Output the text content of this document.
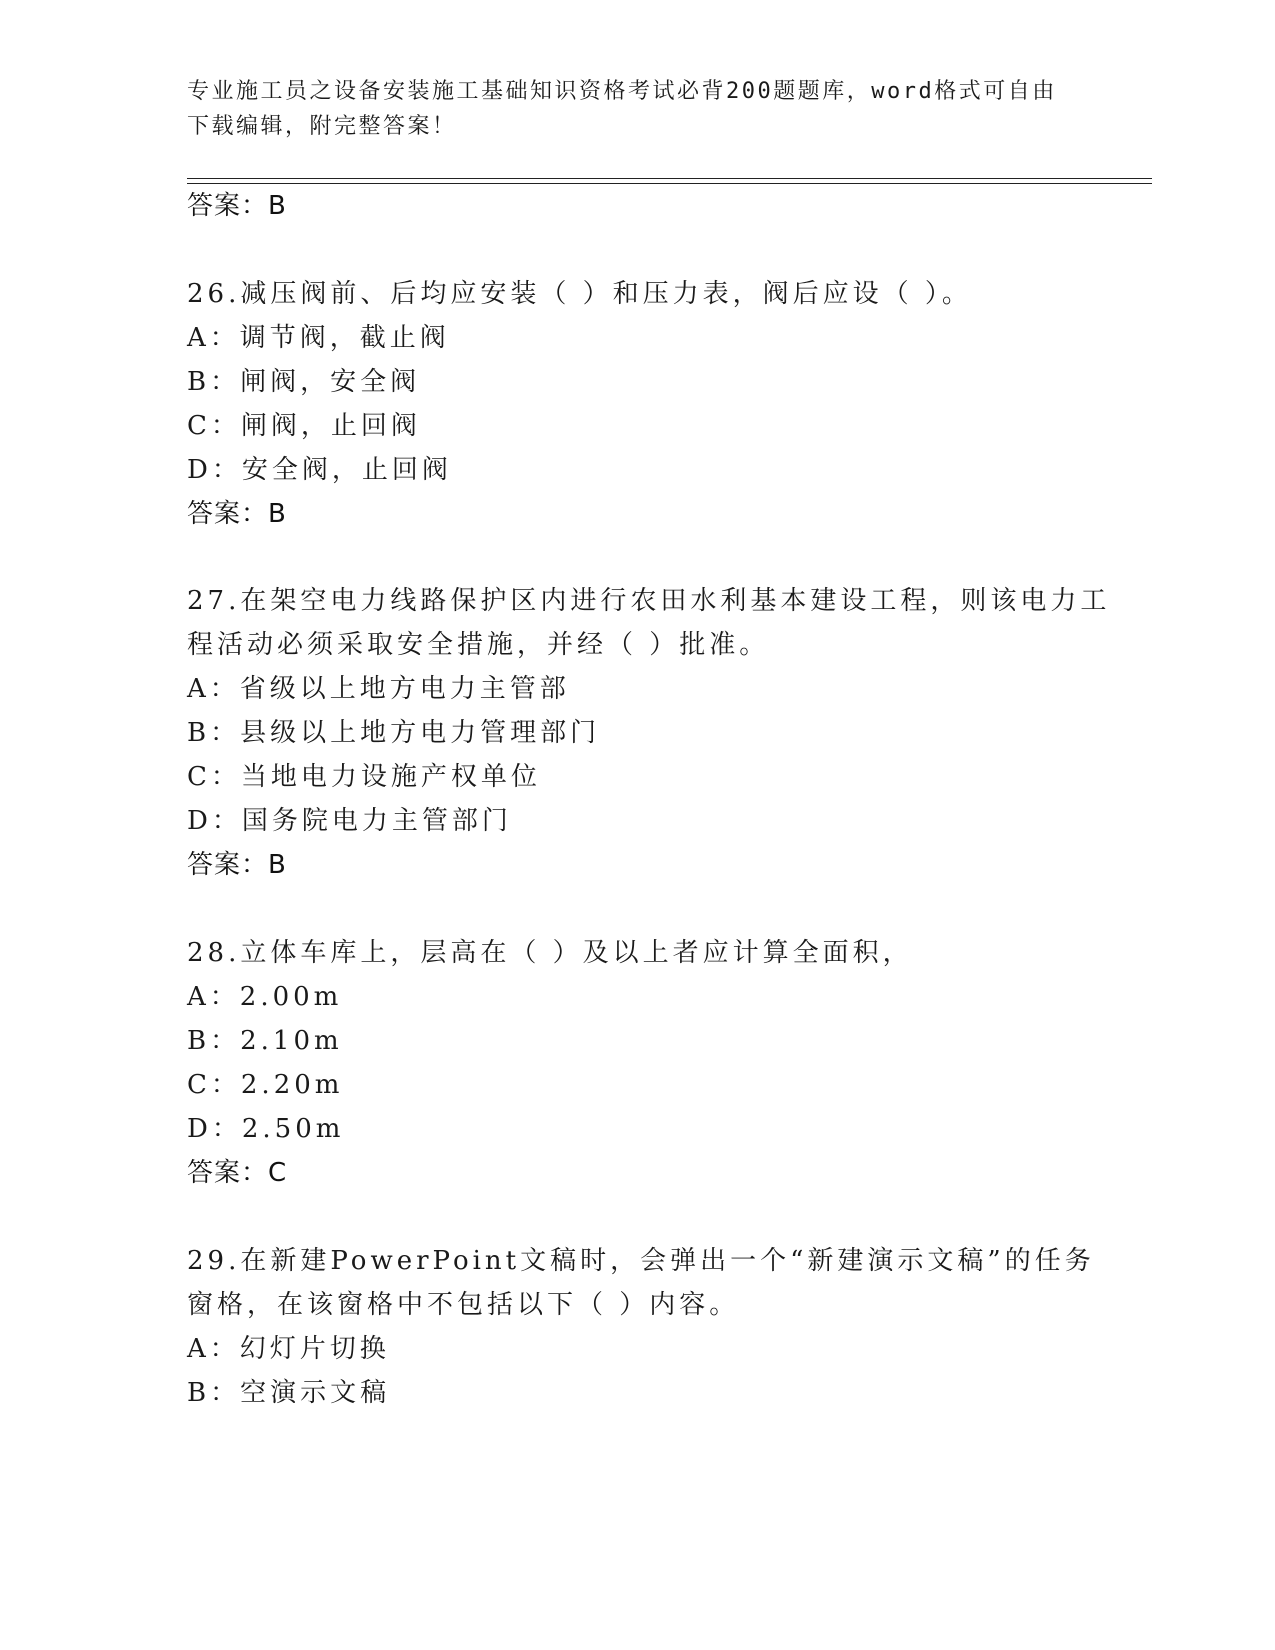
专业施工员之设备安装施工基础知识资格考试必背200题题库，word格式可自由
下载编辑，附完整答案！
答案：B
26.减压阀前、后均应安装（ ）和压力表，阀后应设（ ）。
A：调节阀，截止阀
B：闸阀，安全阀
C：闸阀，止回阀
D：安全阀，止回阀
答案：B
27.在架空电力线路保护区内进行农田水利基本建设工程，则该电力工
程活动必须采取安全措施，并经（ ）批准。
A：省级以上地方电力主管部
B：县级以上地方电力管理部门
C：当地电力设施产权单位
D：国务院电力主管部门
答案：B
28.立体车库上，层高在（ ）及以上者应计算全面积，
A：2.00m
B：2.10m
C：2.20m
D：2.50m
答案：C
29.在新建PowerPoint文稿时，会弹出一个“新建演示文稿”的任务
窗格，在该窗格中不包括以下（ ）内容。
A：幻灯片切换
B：空演示文稿
